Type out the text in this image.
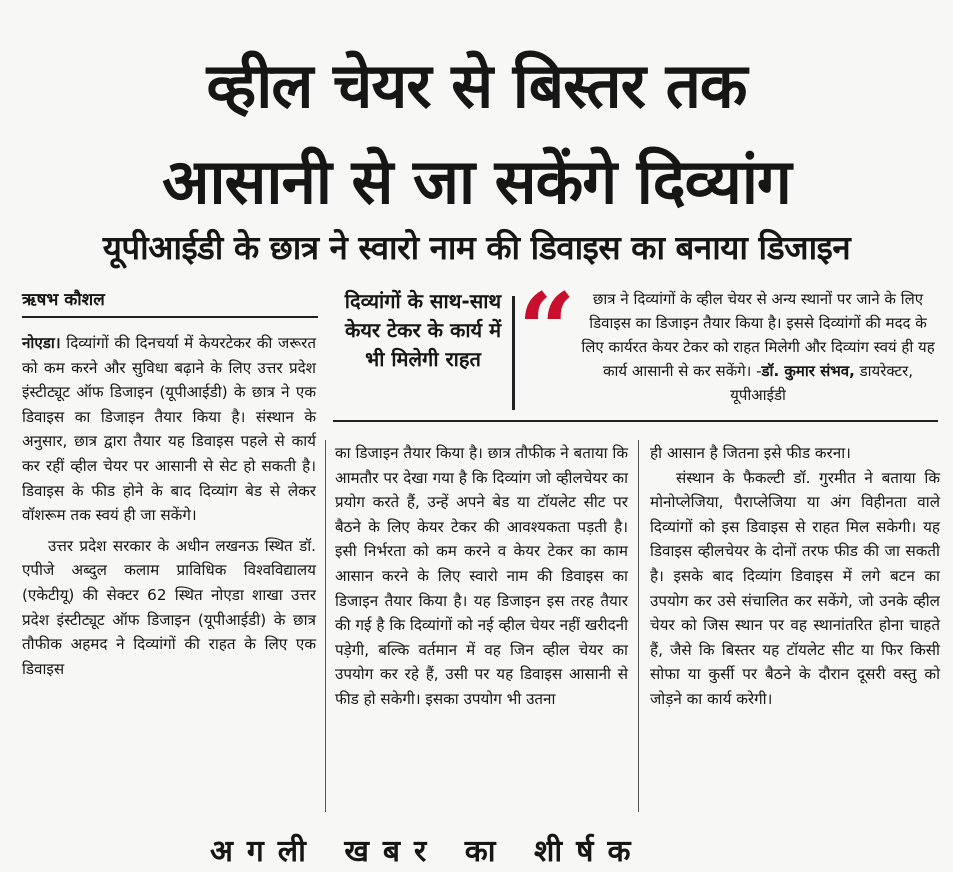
व्हील चेयर से बिस्तर तक
आसानी से जा सकेंगे दिव्यांग
यूपीआईडी के छात्र ने स्वारो नाम की डिवाइस का बनाया डिजाइन
ऋषभ कौशल	दिव्यांगों के साथ-साथ केयर टेकर के कार्य में भी मिलेगी राहत “	छात्र ने दिव्यांगों के व्हील चेयर से अन्य स्थानों पर जाने के लिए डिवाइस का डिजाइन तैयार किया है। इससे दिव्यांगों की मदद के लिए कार्यरत केयर टेकर को राहत मिलेगी और दिव्यांग स्वयं ही यह कार्य आसानी से कर सकेंगे। -डॉ. कुमार संभव, डायरेक्टर, यूपीआईडी

नोएडा। दिव्यांगों की दिनचर्या में केयरटेकर की जरूरत को कम करने और सुविधा बढ़ाने के लिए उत्तर प्रदेश इंस्टीट्यूट ऑफ डिजाइन (यूपीआईडी) के छात्र ने एक डिवाइस का डिजाइन तैयार किया है। संस्थान के अनुसार, छात्र द्वारा तैयार यह डिवाइस पहले से कार्य कर रहीं व्हील चेयर पर आसानी से सेट हो सकती है। डिवाइस के फीड होने के बाद दिव्यांग बेड से लेकर वॉशरूम तक स्वयं ही जा सकेंगे।

उत्तर प्रदेश सरकार के अधीन लखनऊ स्थित डॉ. एपीजे अब्दुल कलाम प्राविधिक विश्वविद्यालय (एकेटीयू) की सेक्टर 62 स्थित नोएडा शाखा उत्तर प्रदेश इंस्टीट्यूट ऑफ डिजाइन (यूपीआईडी) के छात्र तौफीक अहमद ने दिव्यांगों की राहत के लिए एक डिवाइस

का डिजाइन तैयार किया है। छात्र तौफीक ने बताया कि आमतौर पर देखा गया है कि दिव्यांग जो व्हीलचेयर का प्रयोग करते हैं, उन्हें अपने बेड या टॉयलेट सीट पर बैठने के लिए केयर टेकर की आवश्यकता पड़ती है। इसी निर्भरता को कम करने व केयर टेकर का काम आसान करने के लिए स्वारो नाम की डिवाइस का डिजाइन तैयार किया है। यह डिजाइन इस तरह तैयार की गई है कि दिव्यांगों को नई व्हील चेयर नहीं खरीदनी पड़ेगी, बल्कि वर्तमान में वह जिन व्हील चेयर का उपयोग कर रहे हैं, उसी पर यह डिवाइस आसानी से फीड हो सकेगी। इसका उपयोग भी उतना

ही आसान है जितना इसे फीड करना।

संस्थान के फैकल्टी डॉ. गुरमीत ने बताया कि मोनोप्लेजिया, पैराप्लेजिया या अंग विहीनता वाले दिव्यांगों को इस डिवाइस से राहत मिल सकेगी। यह डिवाइस व्हीलचेयर के दोनों तरफ फीड की जा सकती है। इसके बाद दिव्यांग डिवाइस में लगे बटन का उपयोग कर उसे संचालित कर सकेंगे, जो उनके व्हील चेयर को जिस स्थान पर वह स्थानांतरित होना चाहते हैं, जैसे कि बिस्तर यह टॉयलेट सीट या फिर किसी सोफा या कुर्सी पर बैठने के दौरान दूसरी वस्तु को जोड़ने का कार्य करेगी।

अगली खबर का शीर्षक
